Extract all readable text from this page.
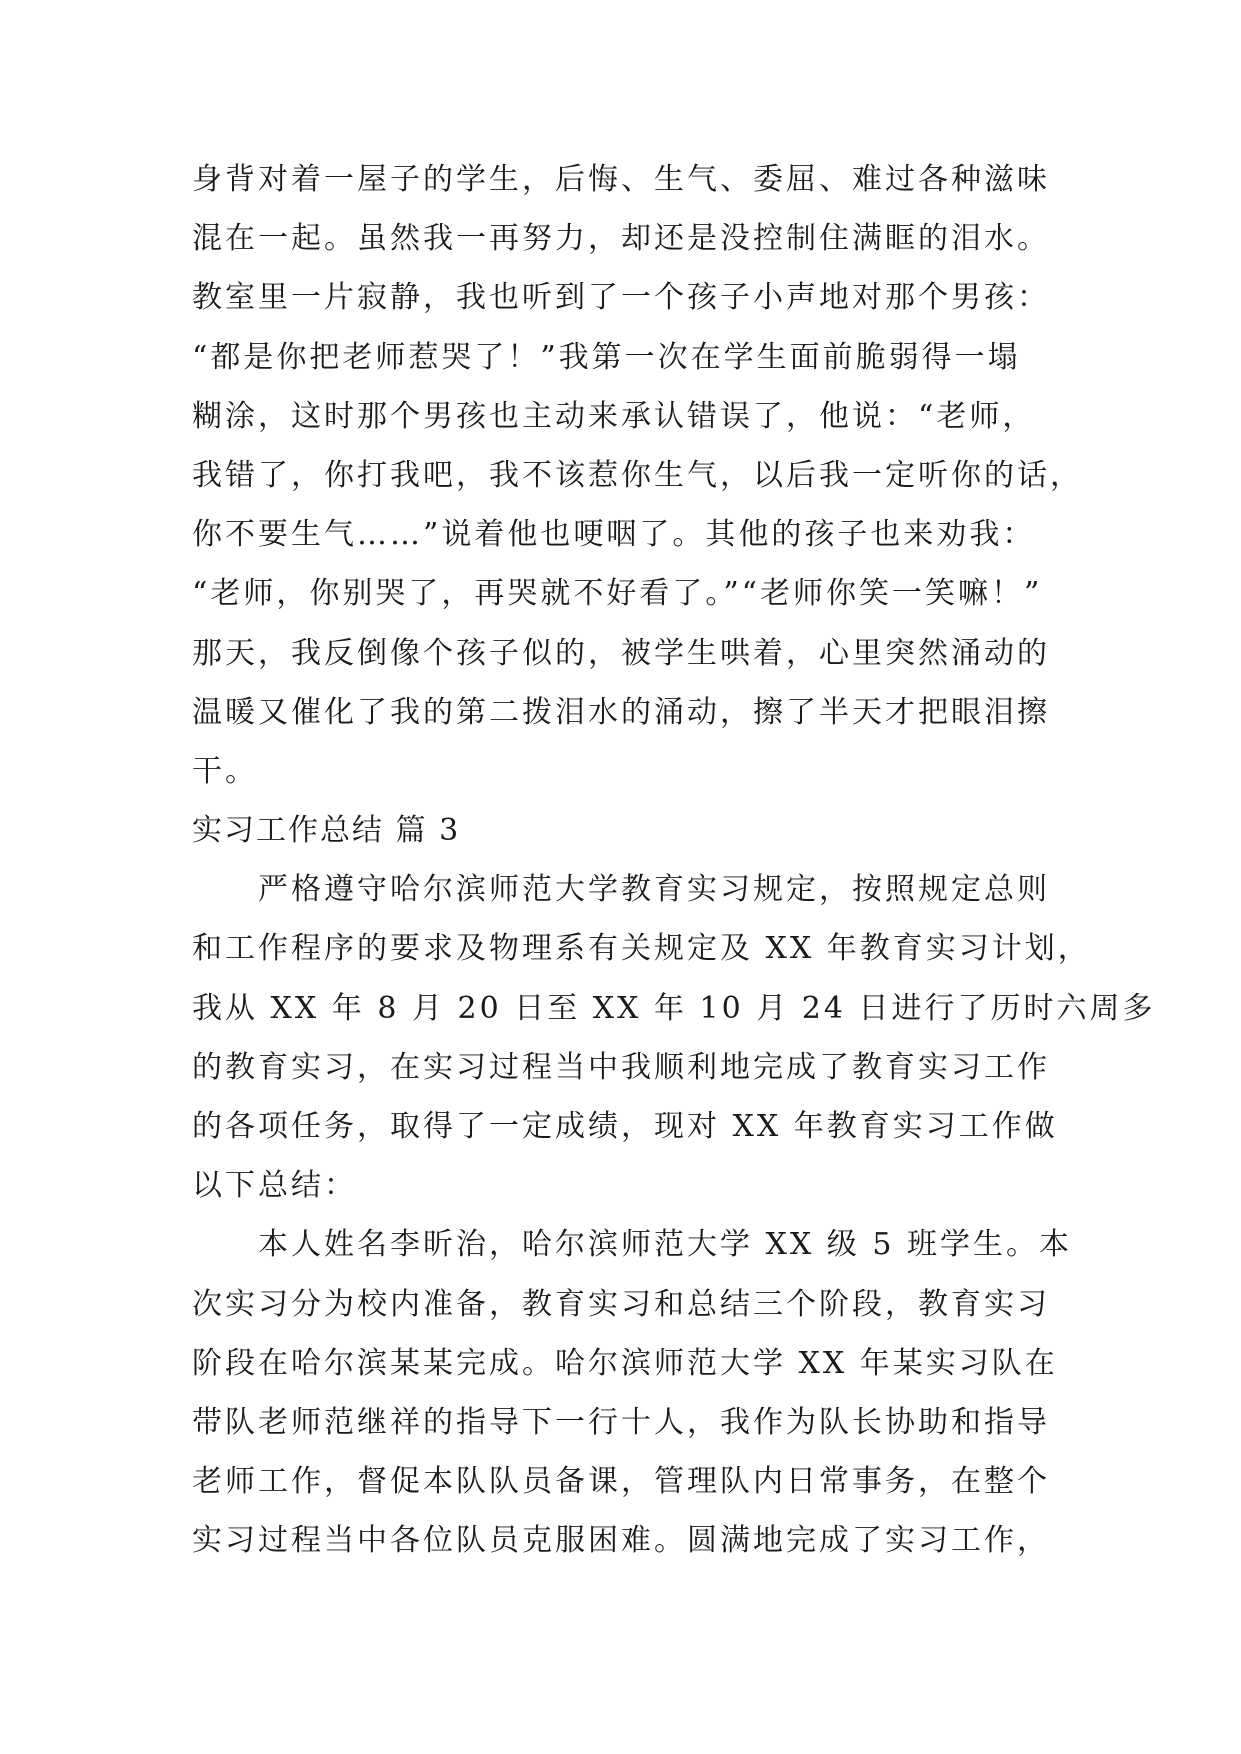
身背对着一屋子的学生，后悔、生气、委屈、难过各种滋味
混在一起。虽然我一再努力，却还是没控制住满眶的泪水。
教室里一片寂静，我也听到了一个孩子小声地对那个男孩：
“都是你把老师惹哭了！”我第一次在学生面前脆弱得一塌
糊涂，这时那个男孩也主动来承认错误了，他说：“老师，
我错了，你打我吧，我不该惹你生气，以后我一定听你的话，
你不要生气……”说着他也哽咽了。其他的孩子也来劝我：
“老师，你别哭了，再哭就不好看了。”“老师你笑一笑嘛！”
那天，我反倒像个孩子似的，被学生哄着，心里突然涌动的
温暖又催化了我的第二拨泪水的涌动，擦了半天才把眼泪擦
干。
实习工作总结 篇 3
严格遵守哈尔滨师范大学教育实习规定，按照规定总则
和工作程序的要求及物理系有关规定及 XX 年教育实习计划，
我从 XX 年 8 月 20 日至 XX 年 10 月 24 日进行了历时六周多
的教育实习，在实习过程当中我顺利地完成了教育实习工作
的各项任务，取得了一定成绩，现对 XX 年教育实习工作做
以下总结：
本人姓名李昕治，哈尔滨师范大学 XX 级 5 班学生。本
次实习分为校内准备，教育实习和总结三个阶段，教育实习
阶段在哈尔滨某某完成。哈尔滨师范大学 XX 年某实习队在
带队老师范继祥的指导下一行十人，我作为队长协助和指导
老师工作，督促本队队员备课，管理队内日常事务，在整个
实习过程当中各位队员克服困难。圆满地完成了实习工作，
